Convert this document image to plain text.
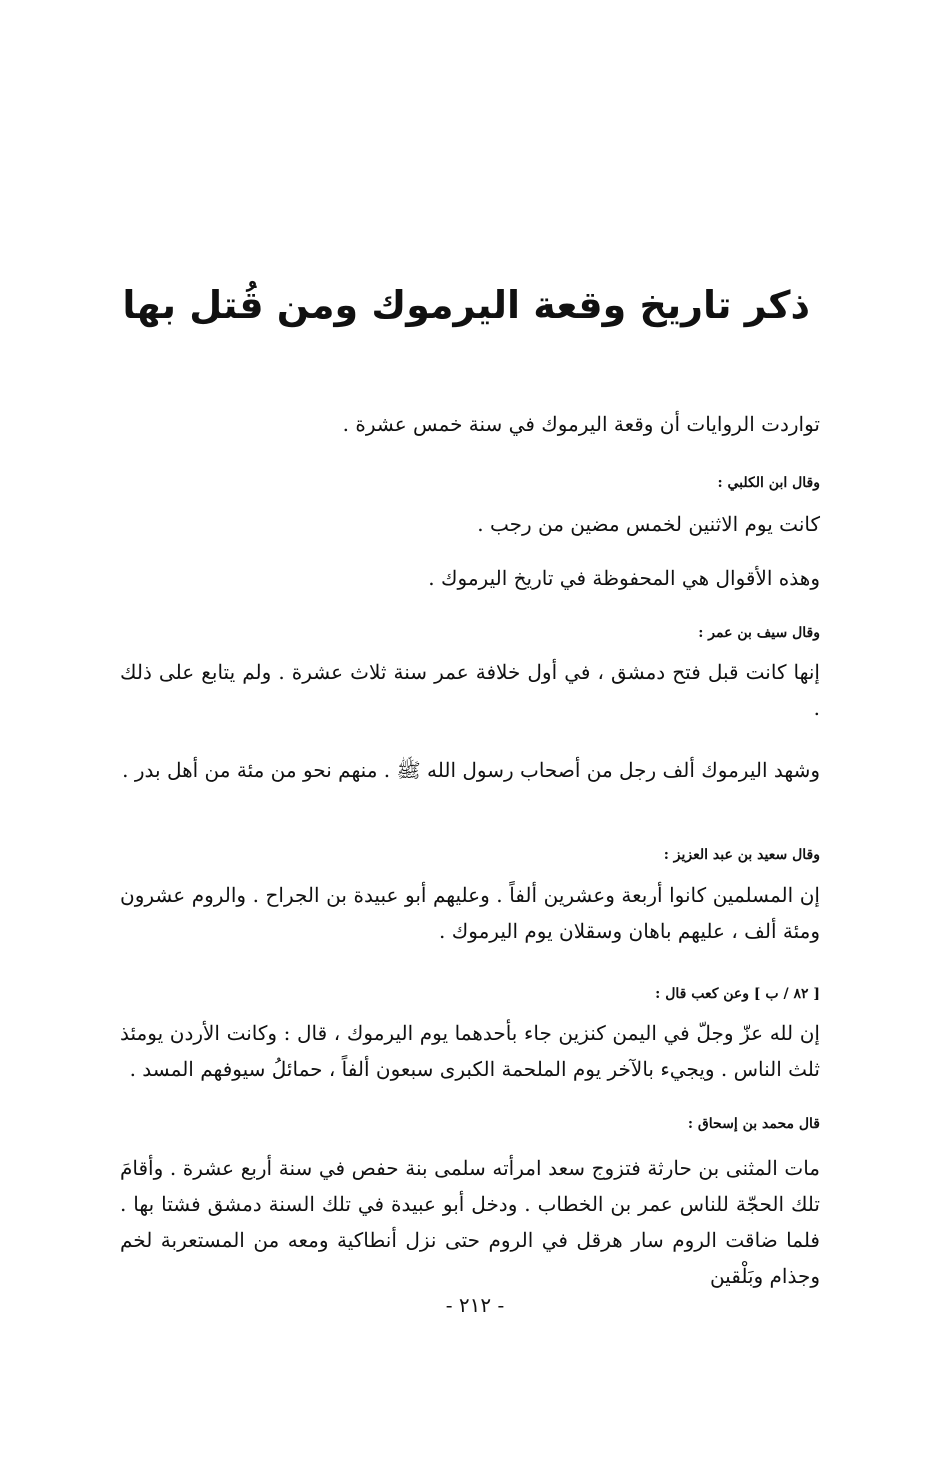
ذكر تاريخ وقعة اليرموك ومن قُتل بها

تواردت الروايات أن وقعة اليرموك في سنة خمس عشرة .

وقال ابن الكلبي :

كانت يوم الاثنين لخمس مضين من رجب .

وهذه الأقوال هي المحفوظة في تاريخ اليرموك .

وقال سيف بن عمر :

إنها كانت قبل فتح دمشق ، في أول خلافة عمر سنة ثلاث عشرة . ولم يتابع على ذلك .

وشهد اليرموك ألف رجل من أصحاب رسول الله ﷺ . منهم نحو من مئة من أهل بدر .

وقال سعيد بن عبد العزيز :

إن المسلمين كانوا أربعة وعشرين ألفاً . وعليهم أبو عبيدة بن الجراح . والروم عشرون ومئة ألف ، عليهم باهان وسقلان يوم اليرموك .

[ ٨٢ / ب ] وعن كعب قال :

إن لله عزّ وجلّ في اليمن كنزين جاء بأحدهما يوم اليرموك ، قال : وكانت الأردن يومئذ ثلث الناس . ويجيء بالآخر يوم الملحمة الكبرى سبعون ألفاً ، حمائلُ سيوفهم المسد .

قال محمد بن إسحاق :

مات المثنى بن حارثة فتزوج سعد امرأته سلمى بنة حفص في سنة أربع عشرة . وأقامَ تلك الحجّة للناس عمر بن الخطاب . ودخل أبو عبيدة في تلك السنة دمشق فشتا بها . فلما ضاقت الروم سار هرقل في الروم حتى نزل أنطاكية ومعه من المستعربة لخم وجذام وبَلْقين

- ٢١٢ -
